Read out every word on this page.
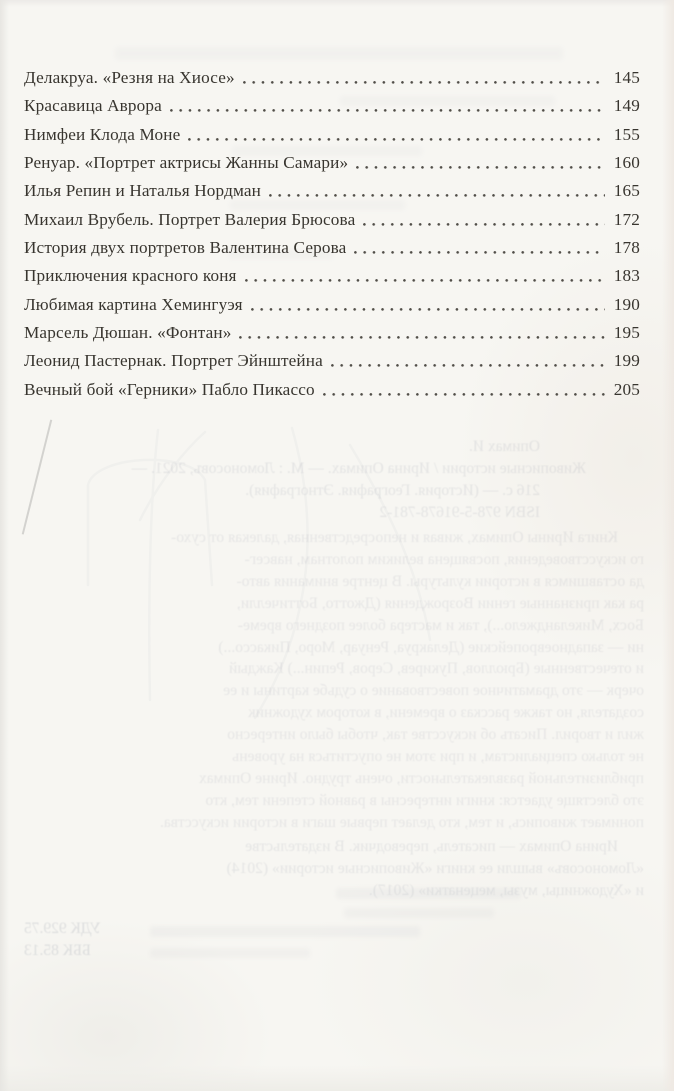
Опимах И.
Живописные истории / Ирина Опимах. — М. : Ломоносовъ, 2021. —
216 с. — (История. География. Этнография).
ISBN 978-5-91678-781-2
Книга Ирины Опимах, живая и непосредственная, далекая от сухо-
го искусствоведения, посвящена великим полотнам, навсег-
да оставшимся в истории культуры. В центре внимания авто-
ра как признанные гении Возрождения (Джотто, Боттичелли,
Босх, Микеланджело...), так и мастера более позднего време-
ни — западноевропейские (Делакруа, Ренуар, Моро, Пикассо...)
и отечественные (Брюллов, Пукирев, Серов, Репин...) Каждый
очерк — это драматичное повествование о судьбе картины и ее
создателя, но также рассказ о времени, в котором художник
жил и творил. Писать об искусстве так, чтобы было интересно
не только специалистам, и при этом не опуститься на уровень
приблизительной развлекательности, очень трудно. Ирине Опимах
это блестяще удается: книги интересны в равной степени тем, кто
понимает живопись, и тем, кто делает первые шаги в истории искусства.
Ирина Опимах — писатель, переводчик. В издательстве
«Ломоносовъ» вышли ее книги «Живописные истории» (2014)
и «Художницы, музы, меценатки» (2017).
УДК 929.75
ББК 85.13
Делакруа. «Резня на Хиосе»	145
Красавица Аврора	149
Нимфеи Клода Моне	155
Ренуар. «Портрет актрисы Жанны Самари»	160
Илья Репин и Наталья Нордман	165
Михаил Врубель. Портрет Валерия Брюсова	172
История двух портретов Валентина Серова	178
Приключения красного коня	183
Любимая картина Хемингуэя	190
Марсель Дюшан. «Фонтан»	195
Леонид Пастернак. Портрет Эйнштейна	199
Вечный бой «Герники» Пабло Пикассо	205
